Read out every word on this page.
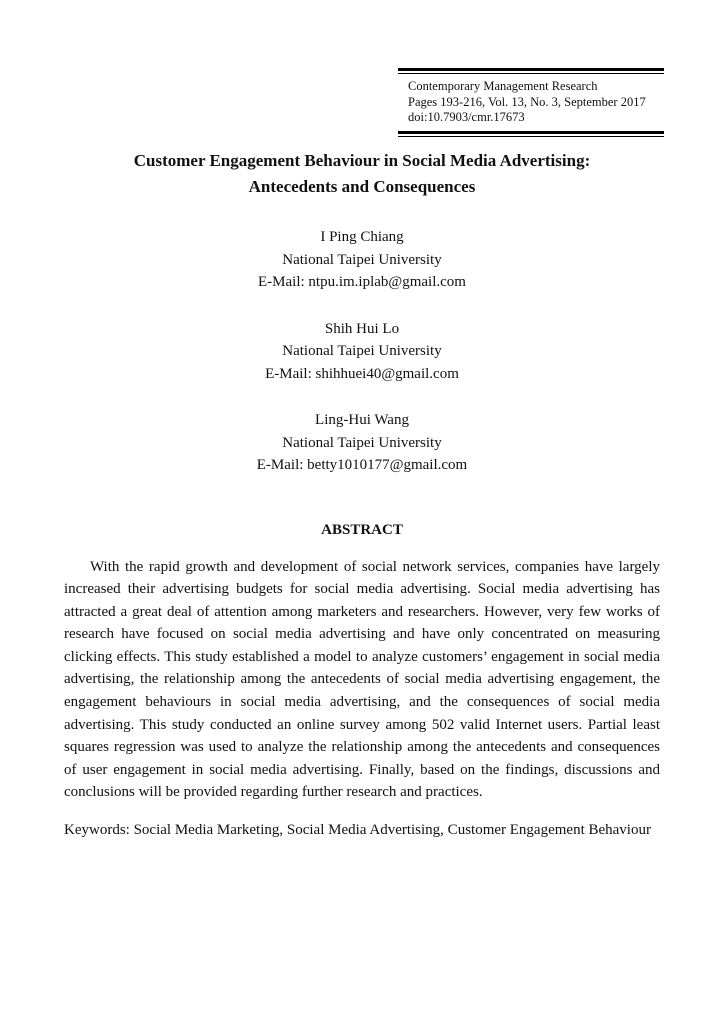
Contemporary Management Research
Pages 193-216, Vol. 13, No. 3, September 2017
doi:10.7903/cmr.17673
Customer Engagement Behaviour in Social Media Advertising:
Antecedents and Consequences
I Ping Chiang
National Taipei University
E-Mail: ntpu.im.iplab@gmail.com
Shih Hui Lo
National Taipei University
E-Mail: shihhuei40@gmail.com
Ling-Hui Wang
National Taipei University
E-Mail: betty1010177@gmail.com
ABSTRACT

With the rapid growth and development of social network services, companies have largely increased their advertising budgets for social media advertising. Social media advertising has attracted a great deal of attention among marketers and researchers. However, very few works of research have focused on social media advertising and have only concentrated on measuring clicking effects. This study established a model to analyze customers’ engagement in social media advertising, the relationship among the antecedents of social media advertising engagement, the engagement behaviours in social media advertising, and the consequences of social media advertising. This study conducted an online survey among 502 valid Internet users. Partial least squares regression was used to analyze the relationship among the antecedents and consequences of user engagement in social media advertising. Finally, based on the findings, discussions and conclusions will be provided regarding further research and practices.

Keywords: Social Media Marketing, Social Media Advertising, Customer Engagement Behaviour
